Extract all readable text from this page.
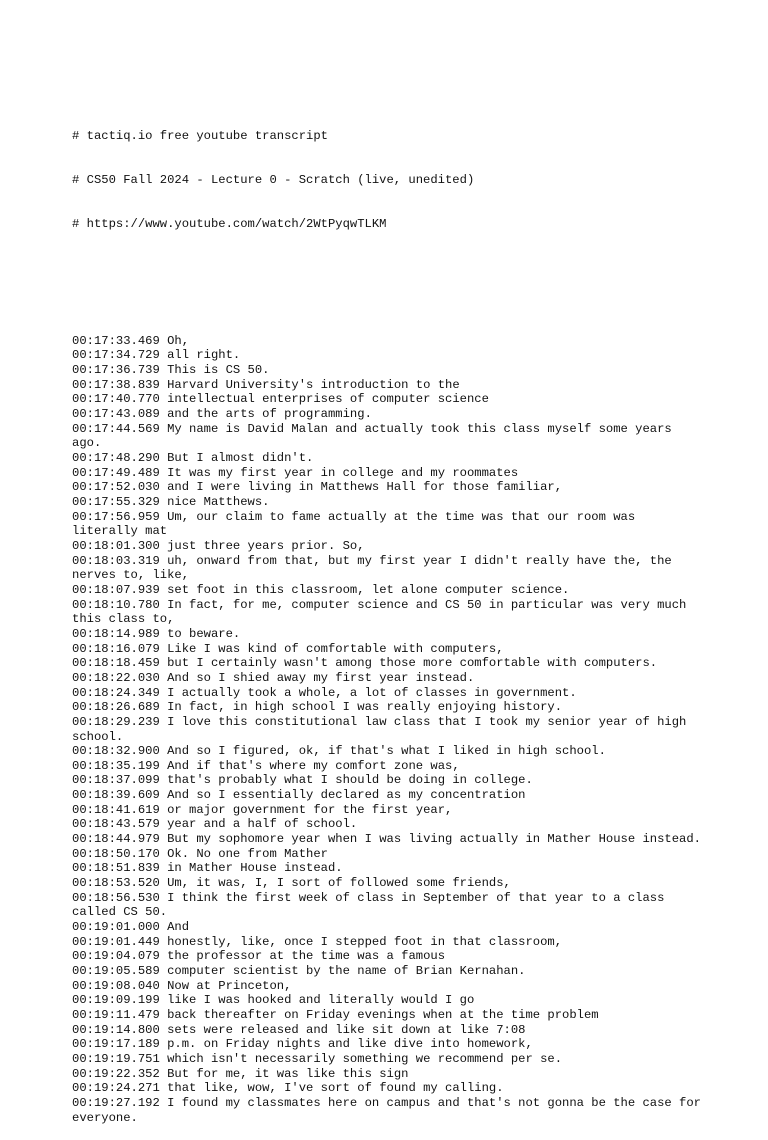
# tactiq.io free youtube transcript

# CS50 Fall 2024 - Lecture 0 - Scratch (live, unedited)

# https://www.youtube.com/watch/2WtPyqwTLKM

00:17:33.469 Oh,
00:17:34.729 all right.
00:17:36.739 This is CS 50.
00:17:38.839 Harvard University's introduction to the
00:17:40.770 intellectual enterprises of computer science
00:17:43.089 and the arts of programming.
00:17:44.569 My name is David Malan and actually took this class myself some years ago.
00:17:48.290 But I almost didn't.
00:17:49.489 It was my first year in college and my roommates
00:17:52.030 and I were living in Matthews Hall for those familiar,
00:17:55.329 nice Matthews.
00:17:56.959 Um, our claim to fame actually at the time was that our room was literally mat
00:18:01.300 just three years prior. So,
00:18:03.319 uh, onward from that, but my first year I didn't really have the, the nerves to, like,
00:18:07.939 set foot in this classroom, let alone computer science.
00:18:10.780 In fact, for me, computer science and CS 50 in particular was very much this class to,
00:18:14.989 to beware.
00:18:16.079 Like I was kind of comfortable with computers,
00:18:18.459 but I certainly wasn't among those more comfortable with computers.
00:18:22.030 And so I shied away my first year instead.
00:18:24.349 I actually took a whole, a lot of classes in government.
00:18:26.689 In fact, in high school I was really enjoying history.
00:18:29.239 I love this constitutional law class that I took my senior year of high school.
00:18:32.900 And so I figured, ok, if that's what I liked in high school.
00:18:35.199 And if that's where my comfort zone was,
00:18:37.099 that's probably what I should be doing in college.
00:18:39.609 And so I essentially declared as my concentration
00:18:41.619 or major government for the first year,
00:18:43.579 year and a half of school.
00:18:44.979 But my sophomore year when I was living actually in Mather House instead.
00:18:50.170 Ok. No one from Mather
00:18:51.839 in Mather House instead.
00:18:53.520 Um, it was, I, I sort of followed some friends,
00:18:56.530 I think the first week of class in September of that year to a class called CS 50.
00:19:01.000 And
00:19:01.449 honestly, like, once I stepped foot in that classroom,
00:19:04.079 the professor at the time was a famous
00:19:05.589 computer scientist by the name of Brian Kernahan.
00:19:08.040 Now at Princeton,
00:19:09.199 like I was hooked and literally would I go
00:19:11.479 back thereafter on Friday evenings when at the time problem
00:19:14.800 sets were released and like sit down at like 7:08
00:19:17.189 p.m. on Friday nights and like dive into homework,
00:19:19.751 which isn't necessarily something we recommend per se.
00:19:22.352 But for me, it was like this sign
00:19:24.271 that like, wow, I've sort of found my calling.
00:19:27.192 I found my classmates here on campus and that's not gonna be the case for everyone.
